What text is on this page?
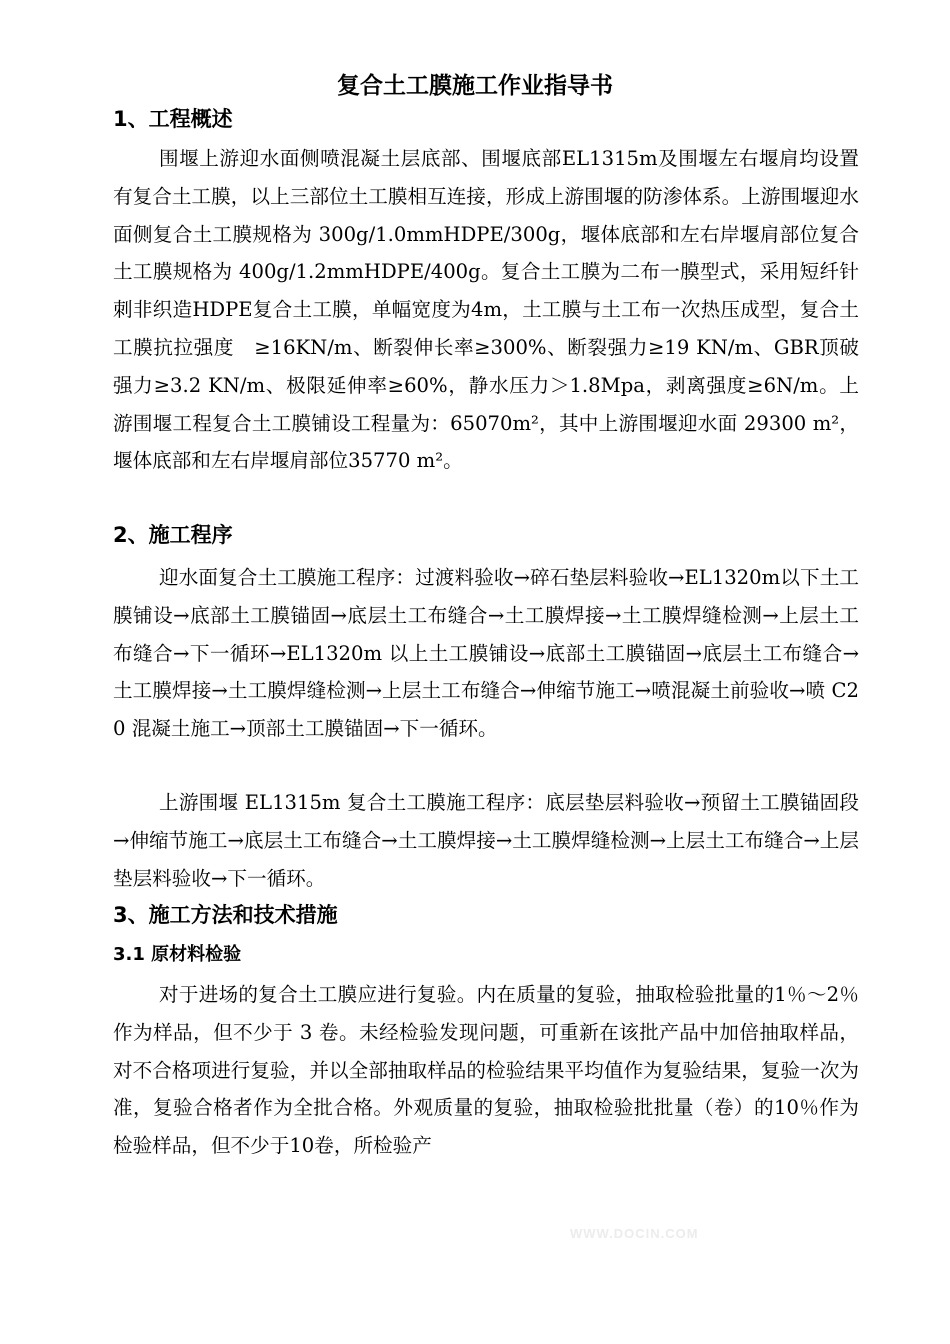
复合土工膜施工作业指导书
1、工程概述
围堰上游迎水面侧喷混凝土层底部、围堰底部EL1315m及围堰左右堰肩均设置有复合土工膜，以上三部位土工膜相互连接，形成上游围堰的防渗体系。上游围堰迎水面侧复合土工膜规格为 300g/1.0mmHDPE/300g，堰体底部和左右岸堰肩部位复合土工膜规格为 400g/1.2mmHDPE/400g。复合土工膜为二布一膜型式，采用短纤针刺非织造HDPE复合土工膜，单幅宽度为4m，土工膜与土工布一次热压成型，复合土工膜抗拉强度　≥16KN/m、断裂伸长率≥300%、断裂强力≥19 KN/m、GBR顶破强力≥3.2 KN/m、极限延伸率≥60%，静水压力＞1.8Mpa，剥离强度≥6N/m。上游围堰工程复合土工膜铺设工程量为：65070m²，其中上游围堰迎水面 29300 m²，堰体底部和左右岸堰肩部位35770 m²。
2、施工程序
迎水面复合土工膜施工程序：过渡料验收→碎石垫层料验收→EL1320m以下土工膜铺设→底部土工膜锚固→底层土工布缝合→土工膜焊接→土工膜焊缝检测→上层土工布缝合→下一循环→EL1320m 以上土工膜铺设→底部土工膜锚固→底层土工布缝合→土工膜焊接→土工膜焊缝检测→上层土工布缝合→伸缩节施工→喷混凝土前验收→喷 C20 混凝土施工→顶部土工膜锚固→下一循环。
上游围堰 EL1315m 复合土工膜施工程序：底层垫层料验收→预留土工膜锚固段→伸缩节施工→底层土工布缝合→土工膜焊接→土工膜焊缝检测→上层土工布缝合→上层垫层料验收→下一循环。
3、施工方法和技术措施
3.1 原材料检验
对于进场的复合土工膜应进行复验。内在质量的复验，抽取检验批量的1％～2％作为样品，但不少于 3 卷。未经检验发现问题，可重新在该批产品中加倍抽取样品，对不合格项进行复验，并以全部抽取样品的检验结果平均值作为复验结果，复验一次为准，复验合格者作为全批合格。外观质量的复验，抽取检验批批量（卷）的10％作为检验样品，但不少于10卷，所检验产
WWW.DOCIN.COM
